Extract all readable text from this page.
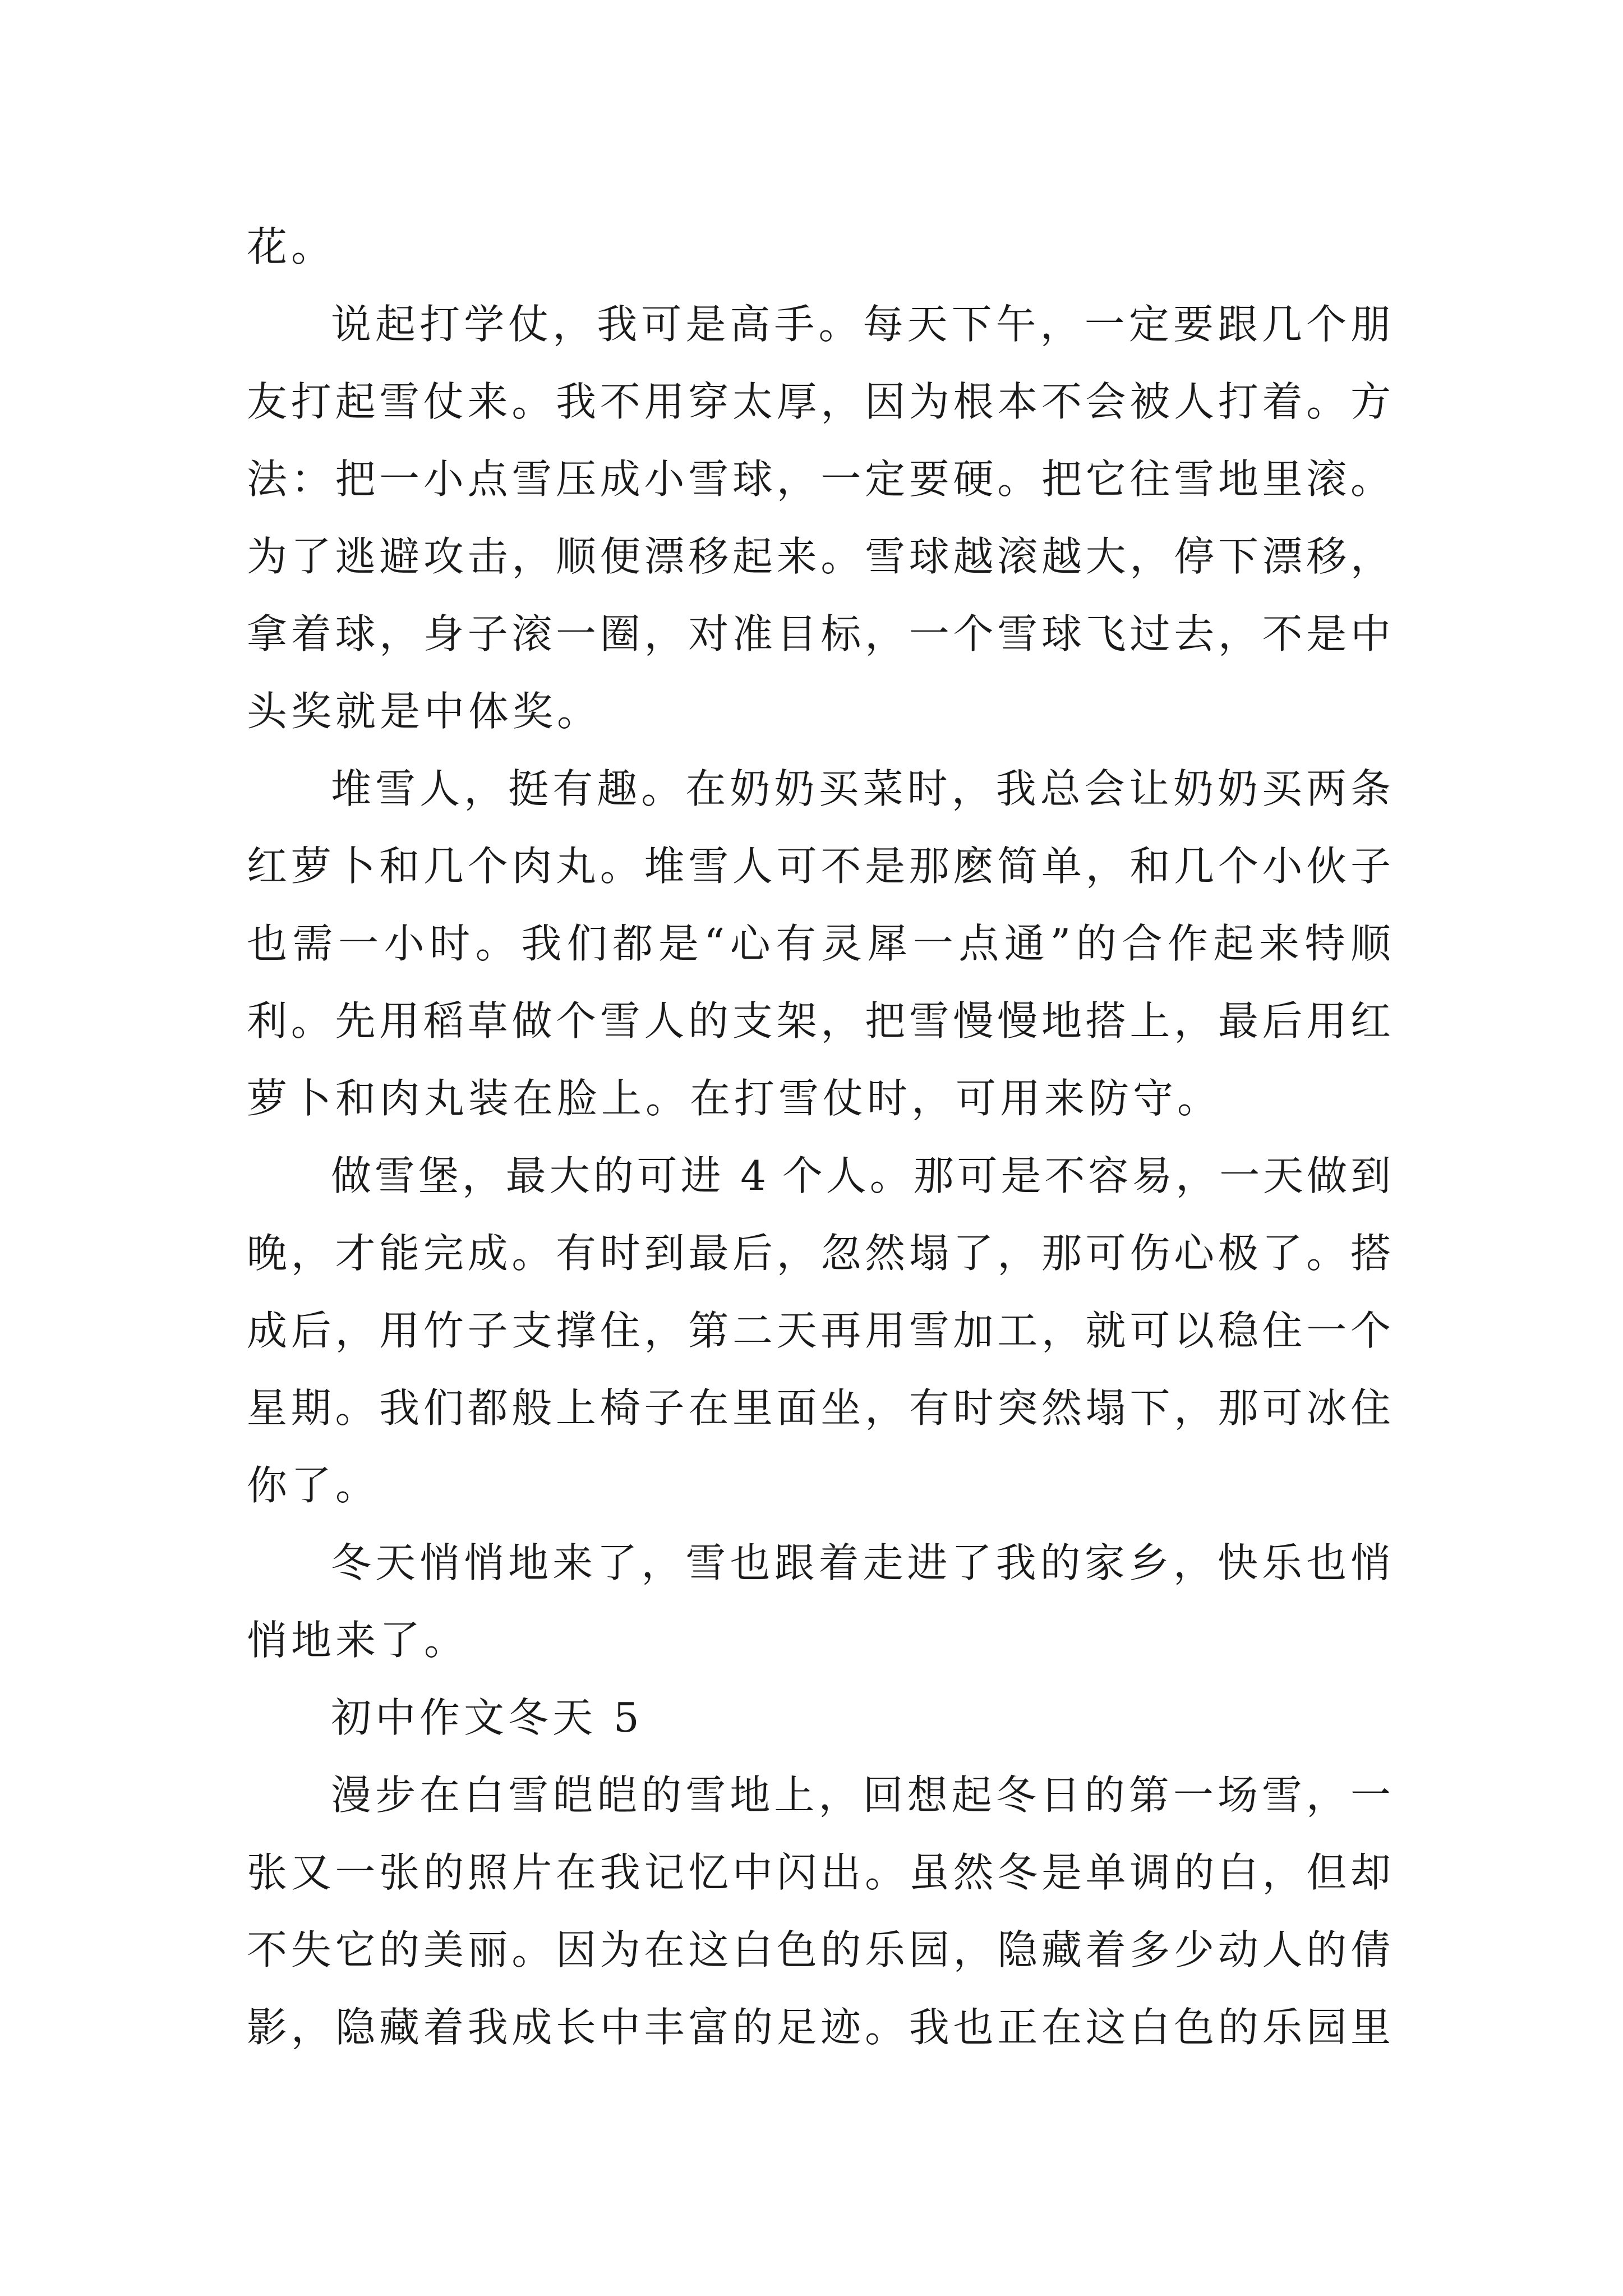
花。
说起打学仗，我可是高手。每天下午，一定要跟几个朋
友打起雪仗来。我不用穿太厚，因为根本不会被人打着。方
法：把一小点雪压成小雪球，一定要硬。把它往雪地里滚。
为了逃避攻击，顺便漂移起来。雪球越滚越大，停下漂移，
拿着球，身子滚一圈，对准目标，一个雪球飞过去，不是中
头奖就是中体奖。
堆雪人，挺有趣。在奶奶买菜时，我总会让奶奶买两条
红萝卜和几个肉丸。堆雪人可不是那麽简单，和几个小伙子
也需一小时。我们都是“心有灵犀一点通”的合作起来特顺
利。先用稻草做个雪人的支架，把雪慢慢地搭上，最后用红
萝卜和肉丸装在脸上。在打雪仗时，可用来防守。
做雪堡，最大的可进 4 个人。那可是不容易，一天做到
晚，才能完成。有时到最后，忽然塌了，那可伤心极了。搭
成后，用竹子支撑住，第二天再用雪加工，就可以稳住一个
星期。我们都般上椅子在里面坐，有时突然塌下，那可冰住
你了。
冬天悄悄地来了，雪也跟着走进了我的家乡，快乐也悄
悄地来了。
初中作文冬天 5
漫步在白雪皑皑的雪地上，回想起冬日的第一场雪，一
张又一张的照片在我记忆中闪出。虽然冬是单调的白，但却
不失它的美丽。因为在这白色的乐园，隐藏着多少动人的倩
影，隐藏着我成长中丰富的足迹。我也正在这白色的乐园里
